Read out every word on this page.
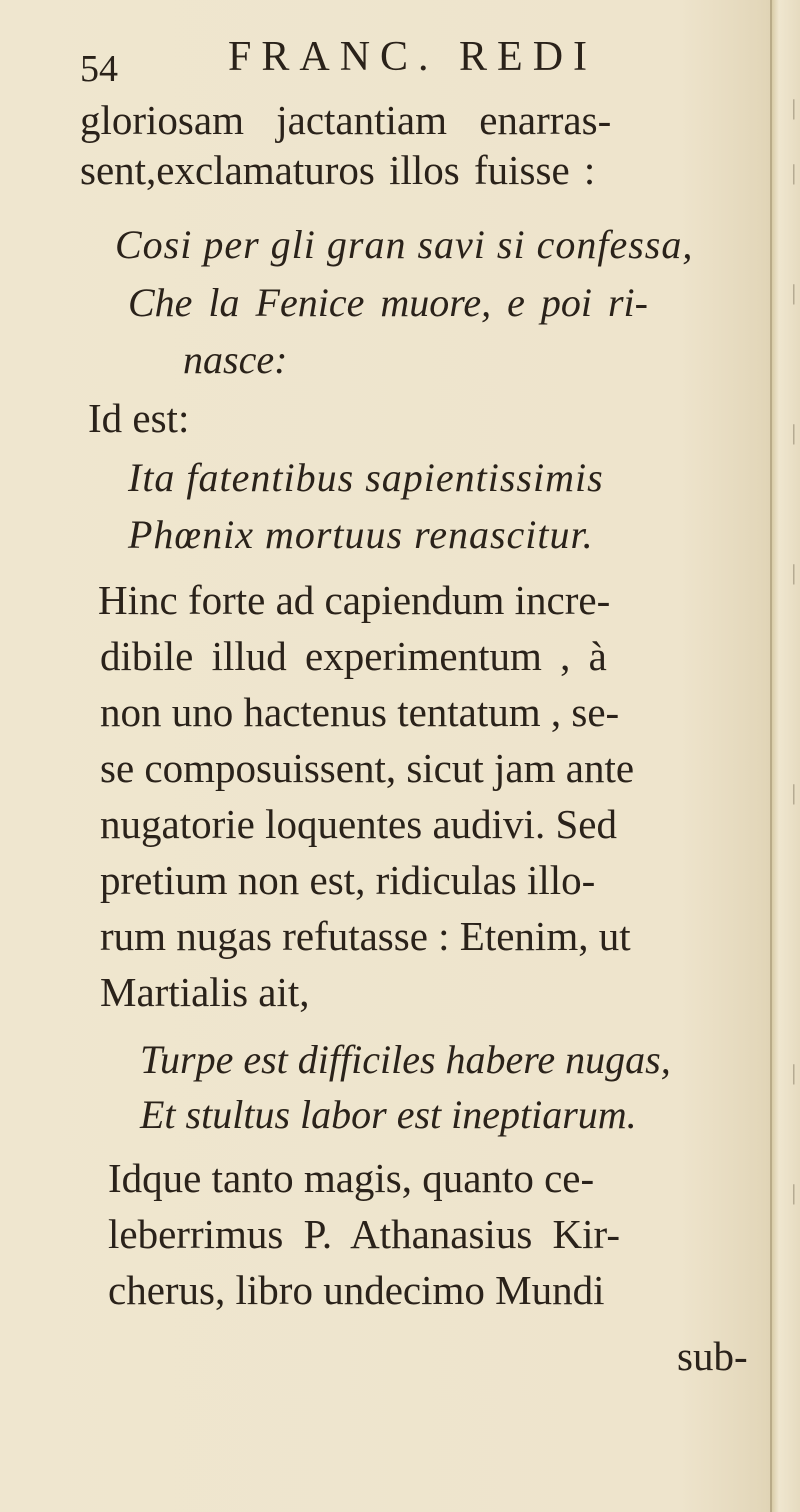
|
|
|
|
|
|
|
|
54	FRANC. REDI
gloriosam jactantiam enarras-
sent,exclamaturos illos fuisse :
Cosi per gli gran savi si confessa,
Che la Fenice muore, e poi ri-
nasce:
Id est:
Ita fatentibus sapientissimis
Phœnix mortuus renascitur.
Hinc forte ad capiendum incre-
dibile illud experimentum , à
non uno hactenus tentatum , se-
se composuissent, sicut jam ante
nugatorie loquentes audivi. Sed
pretium non est, ridiculas illo-
rum nugas refutasse : Etenim, ut
Martialis ait,
Turpe est difficiles habere nugas,
Et stultus labor est ineptiarum.
Idque tanto magis, quanto ce-
leberrimus P. Athanasius Kir-
cherus, libro undecimo Mundi
sub-
